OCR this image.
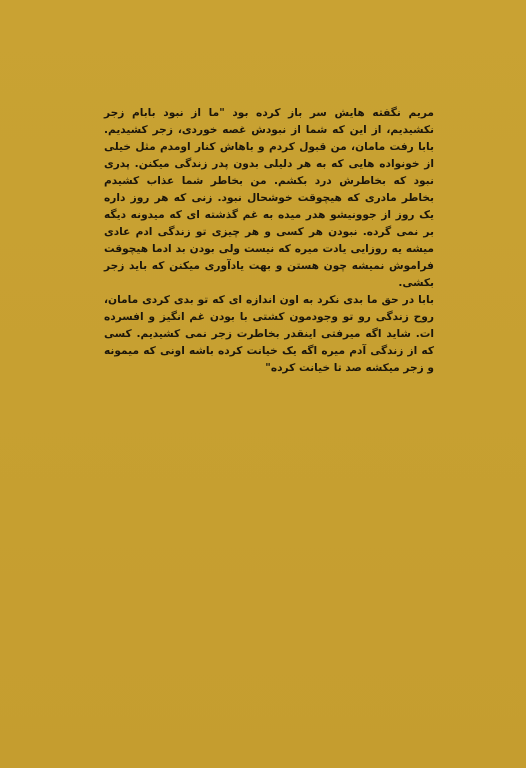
مریم نگفته هایش سر باز کرده بود "ما از نبود بابام زجر نکشیدیم، از این که شما از نبودش غصه خوردی، زجر کشیدیم. بابا رفت مامان، من قبول کردم و باهاش کنار اومدم مثل خیلی از خونواده هایی که به هر دلیلی بدون پدر زندگی میکنن. پدری نبود که بخاطرش درد بکشم. من بخاطر شما عذاب کشیدم بخاطر مادری که هیچوقت خوشحال نبود. زنی که هر روز داره یک روز از جوونیشو هدر میده به غم گذشته ای که میدونه دیگه بر نمی گرده. نبودن هر کسی و هر چیزی تو زندگی ادم عادی میشه یه روزایی یادت میره که نیست ولی بودن بد ادما هیچوقت فراموش نمیشه چون هستن و بهت یادآوری میکنن که باید زجر بکشی.

بابا در حق ما بدی نکرد به اون اندازه ای که تو بدی کردی مامان، روح زندگی رو تو وجودمون کشتی با بودن غم انگیز و افسرده ات. شاید اگه میرفتی اینقدر بخاطرت زجر نمی کشیدیم. کسی که از زندگی آدم میره اگه یک خیانت کرده باشه اونی که میمونه و زجر میکشه صد تا خیانت کرده"
